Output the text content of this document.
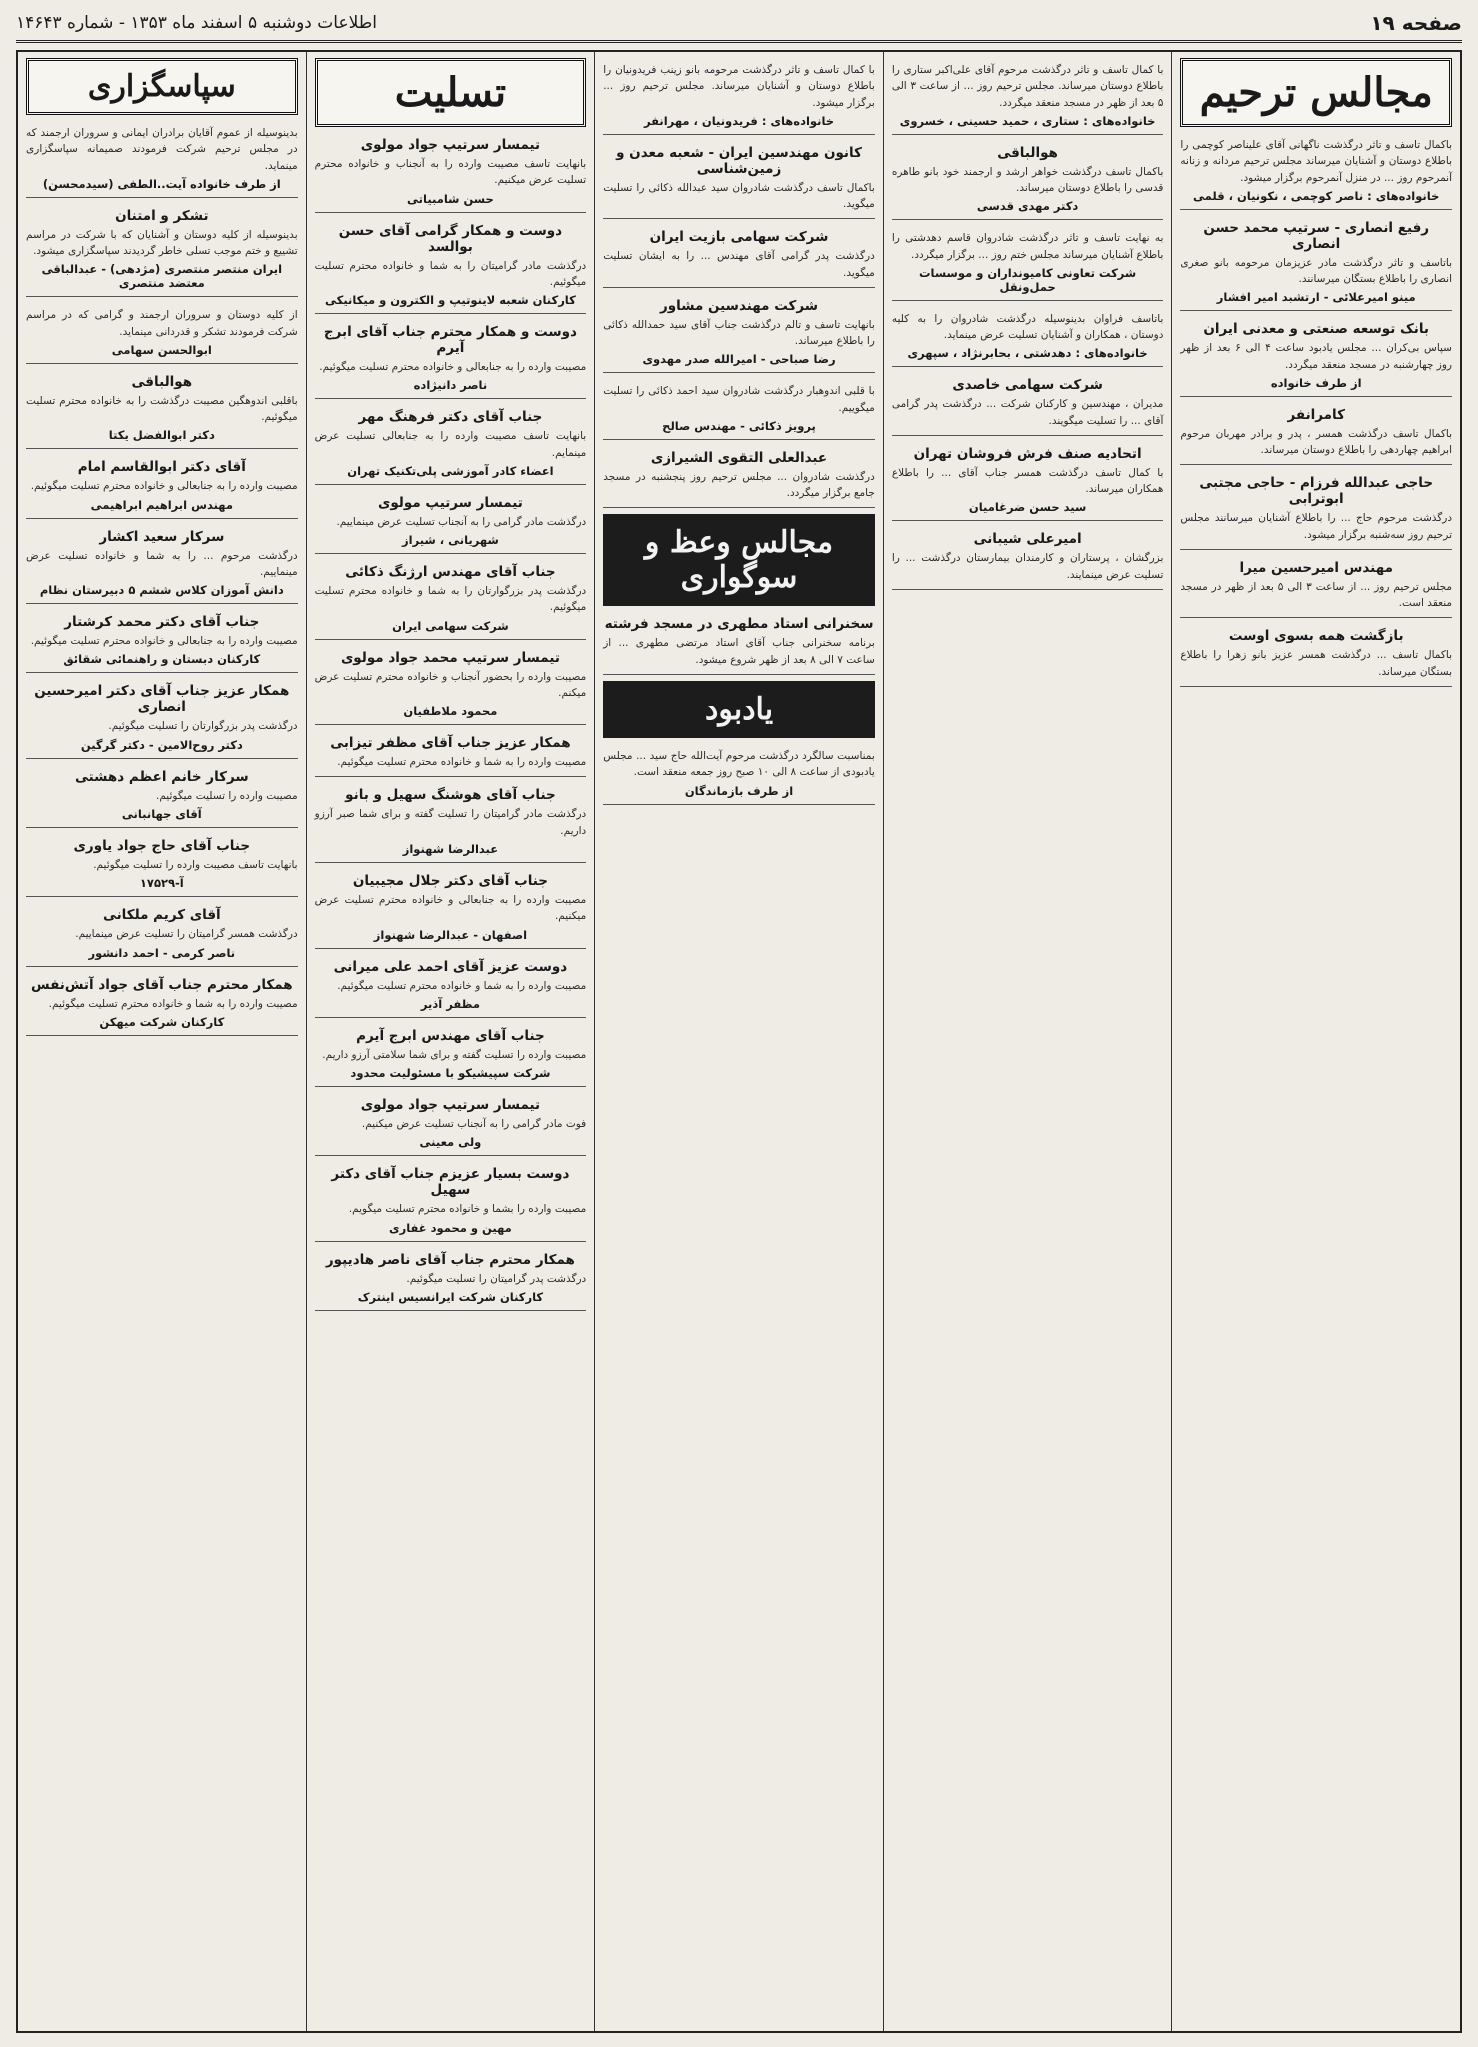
صفحه ۱۹
اطلاعات دوشنبه ۵ اسفند ماه ۱۳۵۳ - شماره ۱۴۶۴۳
مجالس ترحیم

باکمال تاسف و تاثر درگذشت ناگهانی آقای علیناصر کوچمی را باطلاع دوستان و آشنایان میرساند مجلس ترحیم مردانه و زنانه آنمرحوم روز ... در منزل آنمرحوم برگزار میشود.

خانواده‌های : ناصر کوچمی ، نکونیان ، قلمی
رفیع انصاری - سرتیپ محمد حسن انصاری

باتاسف و تاثر درگذشت مادر عزیزمان مرحومه بانو صغری انصاری را باطلاع بستگان میرسانند.

مینو امیرعلائی - ارتشبد امیر افشار
بانک توسعه صنعتی و معدنی ایران

سپاس بی‌کران ... مجلس یادبود ساعت ۴ الی ۶ بعد از ظهر روز چهارشنبه در مسجد منعقد میگردد.

از طرف خانواده
کامرانفر

باکمال تاسف درگذشت همسر ، پدر و برادر مهربان مرحوم ابراهیم چهاردهی را باطلاع دوستان میرساند.

حاجی عبدالله فرزام - حاجی مجتبی ابوترابی

درگذشت مرحوم حاج ... را باطلاع آشنایان میرسانند مجلس ترحیم روز سه‌شنبه برگزار میشود.

مهندس امیرحسین میرا

مجلس ترحیم روز ... از ساعت ۳ الی ۵ بعد از ظهر در مسجد منعقد است.

بازگشت همه بسوی اوست

باکمال تاسف ... درگذشت همسر عزیز بانو زهرا را باطلاع بستگان میرساند.

با کمال تاسف و تاثر درگذشت مرحوم آقای علی‌اکبر ستاری را باطلاع دوستان میرساند. مجلس ترحیم روز ... از ساعت ۳ الی ۵ بعد از ظهر در مسجد منعقد میگردد.

خانواده‌های : ستاری ، حمید حسینی ، خسروی
هوالباقی

باکمال تاسف درگذشت خواهر ارشد و ارجمند خود بانو طاهره قدسی را باطلاع دوستان میرساند.

دکتر مهدی قدسی

به نهایت تاسف و تاثر درگذشت شادروان قاسم دهدشتی را باطلاع آشنایان میرساند مجلس ختم روز ... برگزار میگردد.

شرکت تعاونی کامیونداران و موسسات حمل‌ونقل

باتاسف فراوان بدینوسیله درگذشت شادروان را به کلیه دوستان ، همکاران و آشنایان تسلیت عرض مینماید.

خانواده‌های : دهدشتی ، بحابرنژاد ، سپهری
شرکت سهامی خاصدی

مدیران ، مهندسین و کارکنان شرکت ... درگذشت پدر گرامی آقای ... را تسلیت میگویند.

اتحادیه صنف فرش فروشان تهران

با کمال تاسف درگذشت همسر جناب آقای ... را باطلاع همکاران میرساند.

سید حسن ضرغامیان
امیرعلی شیبانی

بزرگشان ، پرستاران و کارمندان بیمارستان درگذشت ... را تسلیت عرض مینمایند.

با کمال تاسف و تاثر درگذشت مرحومه بانو زینب فریدونیان را باطلاع دوستان و آشنایان میرساند. مجلس ترحیم روز ... برگزار میشود.

خانواده‌های : فریدونیان ، مهرانفر
کانون مهندسین ایران - شعبه معدن و زمین‌شناسی

باکمال تاسف درگذشت شادروان سید عبدالله ذکائی را تسلیت میگوید.

شرکت سهامی بازیت ایران

درگذشت پدر گرامی آقای مهندس ... را به ایشان تسلیت میگوید.

شرکت مهندسین مشاور

بانهایت تاسف و تالم درگذشت جناب آقای سید حمدالله ذکائی را باطلاع میرساند.

رضا صباحی - امیرالله صدر مهدوی

با قلبی اندوهبار درگذشت شادروان سید احمد ذکائی را تسلیت میگوییم.

پرویز ذکائی - مهندس صالح
عبدالعلی التقوی الشیرازی

درگذشت شادروان ... مجلس ترحیم روز پنجشنبه در مسجد جامع برگزار میگردد.

مجالس وعظ و سوگواری
سخنرانی استاد مطهری در مسجد فرشته

برنامه سخنرانی جناب آقای استاد مرتضی مطهری ... از ساعت ۷ الی ۸ بعد از ظهر شروع میشود.

یادبود

بمناسبت سالگرد درگذشت مرحوم آیت‌الله حاج سید ... مجلس یادبودی از ساعت ۸ الی ۱۰ صبح روز جمعه منعقد است.

از طرف بازماندگان
تسلیت
تیمسار سرتیپ جواد مولوی

بانهایت تاسف مصیبت وارده را به آنجناب و خانواده محترم تسلیت عرض میکنیم.

حسن شامبیاتی
دوست و همکار گرامی آقای حسن بوالسد

درگذشت مادر گرامیتان را به شما و خانواده محترم تسلیت میگوئیم.

کارکنان شعبه لاینوتیپ و الکترون و میکانیکی
دوست و همکار محترم جناب آقای ابرج آیرم

مصیبت وارده را به جنابعالی و خانواده محترم تسلیت میگوئیم.

ناصر دانیژاده
جناب آقای دکتر فرهنگ مهر

بانهایت تاسف مصیبت وارده را به جنابعالی تسلیت عرض مینمایم.

اعضاء کادر آموزشی پلی‌تکنیک تهران
تیمسار سرتیپ مولوی

درگذشت مادر گرامی را به آنجناب تسلیت عرض مینماییم.

شهریانی ، شیراز
جناب آقای مهندس ارژنگ ذکائی

درگذشت پدر بزرگوارتان را به شما و خانواده محترم تسلیت میگوئیم.

شرکت سهامی ایران
تیمسار سرتیپ محمد جواد مولوی

مصیبت وارده را بحضور آنجناب و خانواده محترم تسلیت عرض میکنم.

محمود ملاطفیان
همکار عزیز جناب آقای مظفر تیزابی

مصیبت وارده را به شما و خانواده محترم تسلیت میگوئیم.

جناب آقای هوشنگ سهیل و بانو

درگذشت مادر گرامیتان را تسلیت گفته و برای شما صبر آرزو داریم.

عبدالرضا شهنواز
جناب آقای دکتر جلال مجیبیان

مصیبت وارده را به جنابعالی و خانواده محترم تسلیت عرض میکنیم.

اصفهان - عبدالرضا شهنواز
دوست عزیز آقای احمد علی میرانی

مصیبت وارده را به شما و خانواده محترم تسلیت میگوئیم.

مظفر آذیر
جناب آقای مهندس ابرج آیرم

مصیبت وارده را تسلیت گفته و برای شما سلامتی آرزو داریم.

شرکت سپیشیکو با مسئولیت محدود
تیمسار سرتیپ جواد مولوی

فوت مادر گرامی را به آنجناب تسلیت عرض میکنیم.

ولی معینی
دوست بسیار عزیزم جناب آقای دکتر سهیل

مصیبت وارده را بشما و خانواده محترم تسلیت میگویم.

مهین و محمود غفاری
همکار محترم جناب آقای ناصر هادیپور

درگذشت پدر گرامیتان را تسلیت میگوئیم.

کارکنان شرکت ایرانسیس اینترک
سپاسگزاری

بدینوسیله از عموم آقایان برادران ایمانی و سروران ارجمند که در مجلس ترحیم شرکت فرمودند صمیمانه سپاسگزاری مینماید.

از طرف خانواده آیت..الطفی (سیدمحسن)
تشکر و امتنان

بدینوسیله از کلیه دوستان و آشنایان که با شرکت در مراسم تشییع و ختم موجب تسلی خاطر گردیدند سپاسگزاری میشود.

ایران منتصر منتصری (مژدهی) - عبدالباقی معتضد منتصری

از کلیه دوستان و سروران ارجمند و گرامی که در مراسم شرکت فرمودند تشکر و قدردانی مینماید.

ابوالحسن سهامی
هوالباقی

باقلبی اندوهگین مصیبت درگذشت را به خانواده محترم تسلیت میگوئیم.

دکتر ابوالفضل یکتا
آقای دکتر ابوالقاسم امام

مصیبت وارده را به جنابعالی و خانواده محترم تسلیت میگوئیم.

مهندس ابراهیم ابراهیمی
سرکار سعید اکشار

درگذشت مرحوم ... را به شما و خانواده تسلیت عرض مینماییم.

دانش آموزان کلاس ششم ۵ دبیرستان نظام
جناب آقای دکتر محمد کرشتار

مصیبت وارده را به جنابعالی و خانواده محترم تسلیت میگوئیم.

کارکنان دبستان و راهنمائی شقائق
همکار عزیز جناب آقای دکتر امیرحسین انصاری

درگذشت پدر بزرگوارتان را تسلیت میگوئیم.

دکتر روح‌الامین - دکتر گرگین
سرکار خانم اعظم دهشتی

مصیبت وارده را تسلیت میگوئیم.

آقای جهانبانی
جناب آقای حاج جواد یاوری

بانهایت تاسف مصیبت وارده را تسلیت میگوئیم.

آ-۱۷۵۲۹
آقای کریم ملکانی

درگذشت همسر گرامیتان را تسلیت عرض مینماییم.

ناصر کرمی - احمد دانشور
همکار محترم جناب آقای جواد آتش‌نفس

مصیبت وارده را به شما و خانواده محترم تسلیت میگوئیم.

کارکنان شرکت میهکن
